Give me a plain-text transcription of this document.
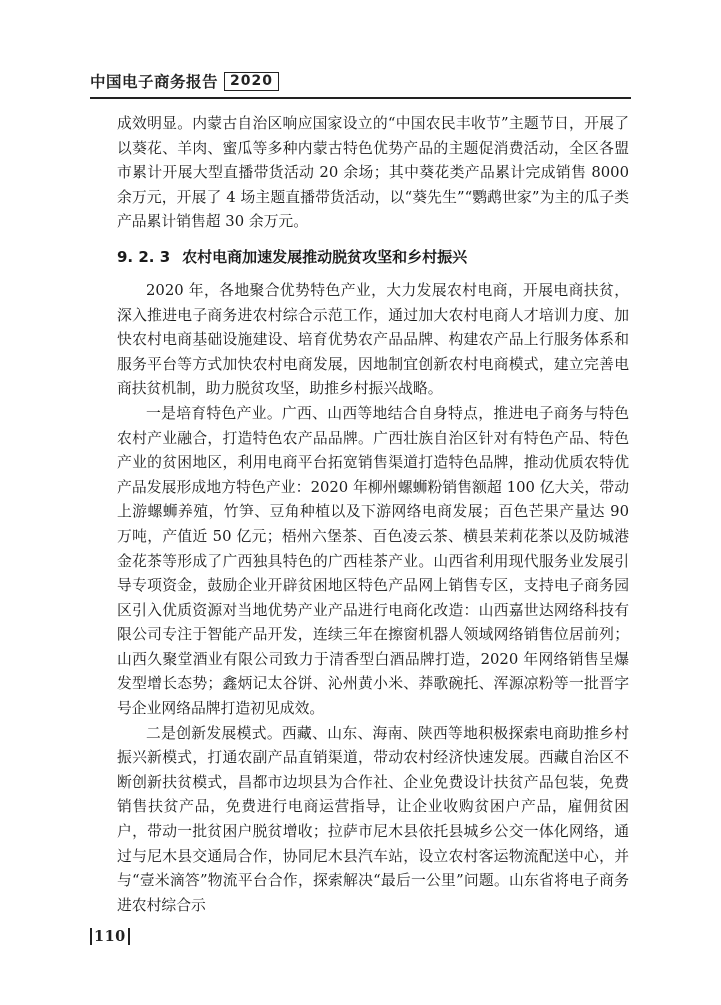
中国电子商务报告 2020

成效明显。内蒙古自治区响应国家设立的“中国农民丰收节”主题节日，开展了以葵花、羊肉、蜜瓜等多种内蒙古特色优势产品的主题促消费活动，全区各盟市累计开展大型直播带货活动 20 余场；其中葵花类产品累计完成销售 8000 余万元，开展了 4 场主题直播带货活动，以“葵先生”“鹦鹉世家”为主的瓜子类产品累计销售超 30 余万元。

9. 2. 3 农村电商加速发展推动脱贫攻坚和乡村振兴

2020 年，各地聚合优势特色产业，大力发展农村电商，开展电商扶贫，深入推进电子商务进农村综合示范工作，通过加大农村电商人才培训力度、加快农村电商基础设施建设、培育优势农产品品牌、构建农产品上行服务体系和服务平台等方式加快农村电商发展，因地制宜创新农村电商模式，建立完善电商扶贫机制，助力脱贫攻坚，助推乡村振兴战略。

一是培育特色产业。广西、山西等地结合自身特点，推进电子商务与特色农村产业融合，打造特色农产品品牌。广西壮族自治区针对有特色产品、特色产业的贫困地区，利用电商平台拓宽销售渠道打造特色品牌，推动优质农特优产品发展形成地方特色产业：2020 年柳州螺蛳粉销售额超 100 亿大关，带动上游螺蛳养殖，竹笋、豆角种植以及下游网络电商发展；百色芒果产量达 90 万吨，产值近 50 亿元；梧州六堡茶、百色凌云茶、横县茉莉花茶以及防城港金花茶等形成了广西独具特色的广西桂茶产业。山西省利用现代服务业发展引导专项资金，鼓励企业开辟贫困地区特色产品网上销售专区，支持电子商务园区引入优质资源对当地优势产业产品进行电商化改造：山西嘉世达网络科技有限公司专注于智能产品开发，连续三年在擦窗机器人领域网络销售位居前列；山西久聚堂酒业有限公司致力于清香型白酒品牌打造，2020 年网络销售呈爆发型增长态势；鑫炳记太谷饼、沁州黄小米、莽歌碗托、浑源凉粉等一批晋字号企业网络品牌打造初见成效。

二是创新发展模式。西藏、山东、海南、陕西等地积极探索电商助推乡村振兴新模式，打通农副产品直销渠道，带动农村经济快速发展。西藏自治区不断创新扶贫模式，昌都市边坝县为合作社、企业免费设计扶贫产品包装，免费销售扶贫产品，免费进行电商运营指导，让企业收购贫困户产品，雇佣贫困户，带动一批贫困户脱贫增收；拉萨市尼木县依托县城乡公交一体化网络，通过与尼木县交通局合作，协同尼木县汽车站，设立农村客运物流配送中心，并与“壹米滴答”物流平台合作，探索解决“最后一公里”问题。山东省将电子商务进农村综合示

110
